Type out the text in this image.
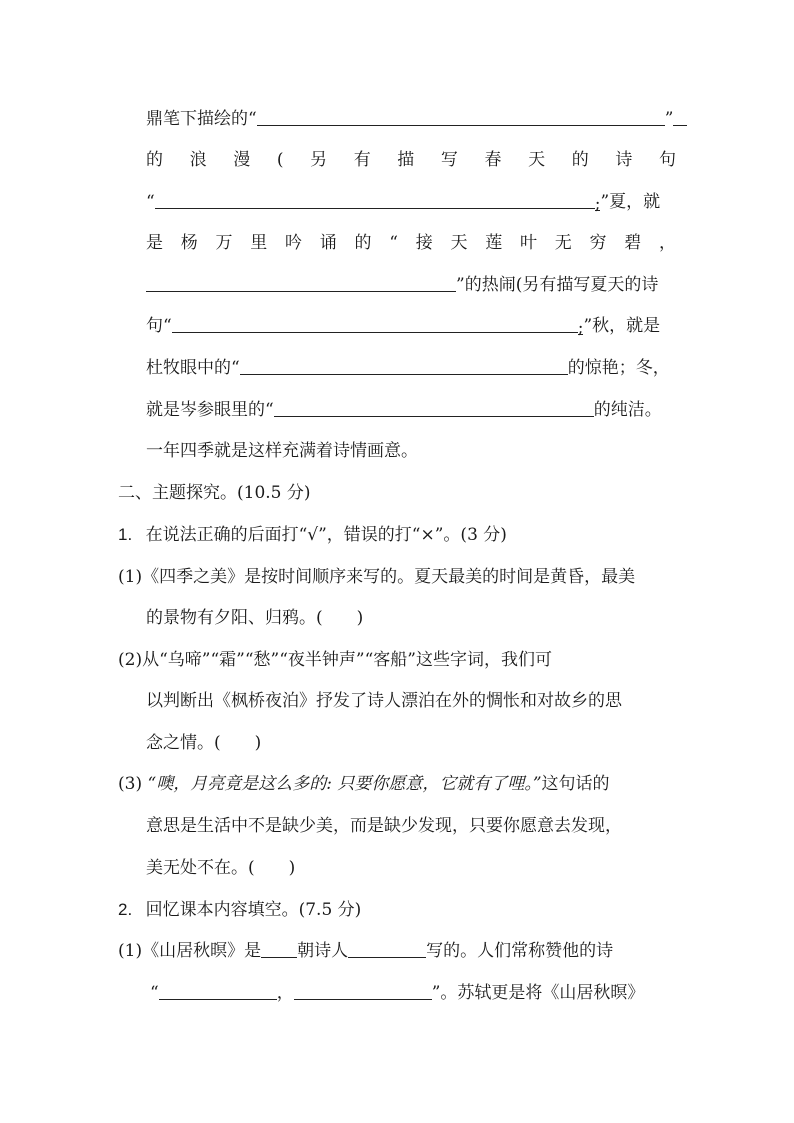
鼎笔下描绘的“	”
的 浪 漫 ( 另 有 描 写 春 天 的 诗 句
“	;”夏，就
是 杨 万 里 吟 诵 的 “ 接 天 莲 叶 无 穷 碧 ，
”的热闹(另有描写夏天的诗
句“	;”秋，就是
杜牧眼中的“	的惊艳；冬，
就是岑参眼里的“	的纯洁。
一年四季就是这样充满着诗情画意。
二、主题探究。(10.5 分)
1. 在说法正确的后面打“√”，错误的打“×”。(3 分)
(1)《四季之美》是按时间顺序来写的。夏天最美的时间是黄昏，最美
的景物有夕阳、归鸦。(　　)
(2)从“乌啼”“霜”“愁”“夜半钟声”“客船”这些字词，我们可
以判断出《枫桥夜泊》抒发了诗人漂泊在外的惆怅和对故乡的思
念之情。(　　)
(3) “噢，月亮竟是这么多的: 只要你愿意，它就有了哩。”这句话的
意思是生活中不是缺少美，而是缺少发现，只要你愿意去发现，
美无处不在。(　　)
2. 回忆课本内容填空。(7.5 分)
(1)《山居秋暝》是 朝诗人	写的。人们常称赞他的诗
“	，	”。苏轼更是将《山居秋暝》
